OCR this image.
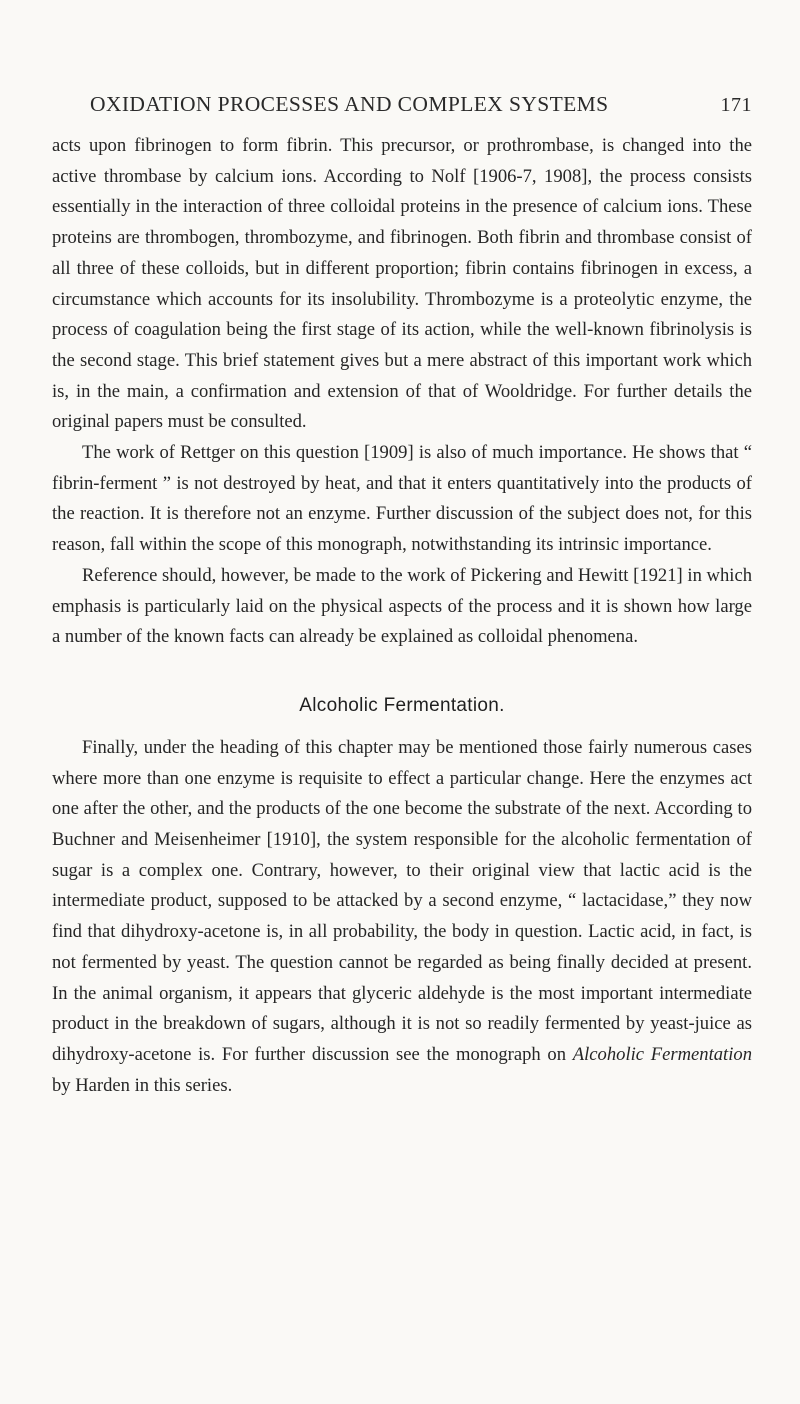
OXIDATION PROCESSES AND COMPLEX SYSTEMS	171

acts upon fibrinogen to form fibrin. This precursor, or prothrombase, is changed into the active thrombase by calcium ions. According to Nolf [1906-7, 1908], the process consists essentially in the interaction of three colloidal proteins in the presence of calcium ions. These proteins are thrombogen, thrombozyme, and fibrinogen. Both fibrin and thrombase consist of all three of these colloids, but in different proportion; fibrin contains fibrinogen in excess, a circumstance which accounts for its insolubility. Thrombozyme is a proteolytic enzyme, the process of coagulation being the first stage of its action, while the well-known fibrinolysis is the second stage. This brief statement gives but a mere abstract of this important work which is, in the main, a confirmation and extension of that of Wooldridge. For further details the original papers must be consulted.

The work of Rettger on this question [1909] is also of much importance. He shows that “ fibrin-ferment ” is not destroyed by heat, and that it enters quantitatively into the products of the reaction. It is therefore not an enzyme. Further discussion of the subject does not, for this reason, fall within the scope of this monograph, notwithstanding its intrinsic importance.

Reference should, however, be made to the work of Pickering and Hewitt [1921] in which emphasis is particularly laid on the physical aspects of the process and it is shown how large a number of the known facts can already be explained as colloidal phenomena.

Alcoholic Fermentation.

Finally, under the heading of this chapter may be mentioned those fairly numerous cases where more than one enzyme is requisite to effect a particular change. Here the enzymes act one after the other, and the products of the one become the substrate of the next. According to Buchner and Meisenheimer [1910], the system responsible for the alcoholic fermentation of sugar is a complex one. Contrary, however, to their original view that lactic acid is the intermediate product, supposed to be attacked by a second enzyme, “ lactacidase,” they now find that dihydroxy-acetone is, in all probability, the body in question. Lactic acid, in fact, is not fermented by yeast. The question cannot be regarded as being finally decided at present. In the animal organism, it appears that glyceric aldehyde is the most important intermediate product in the breakdown of sugars, although it is not so readily fermented by yeast-juice as dihydroxy-acetone is. For further discussion see the monograph on Alcoholic Fermentation by Harden in this series.
